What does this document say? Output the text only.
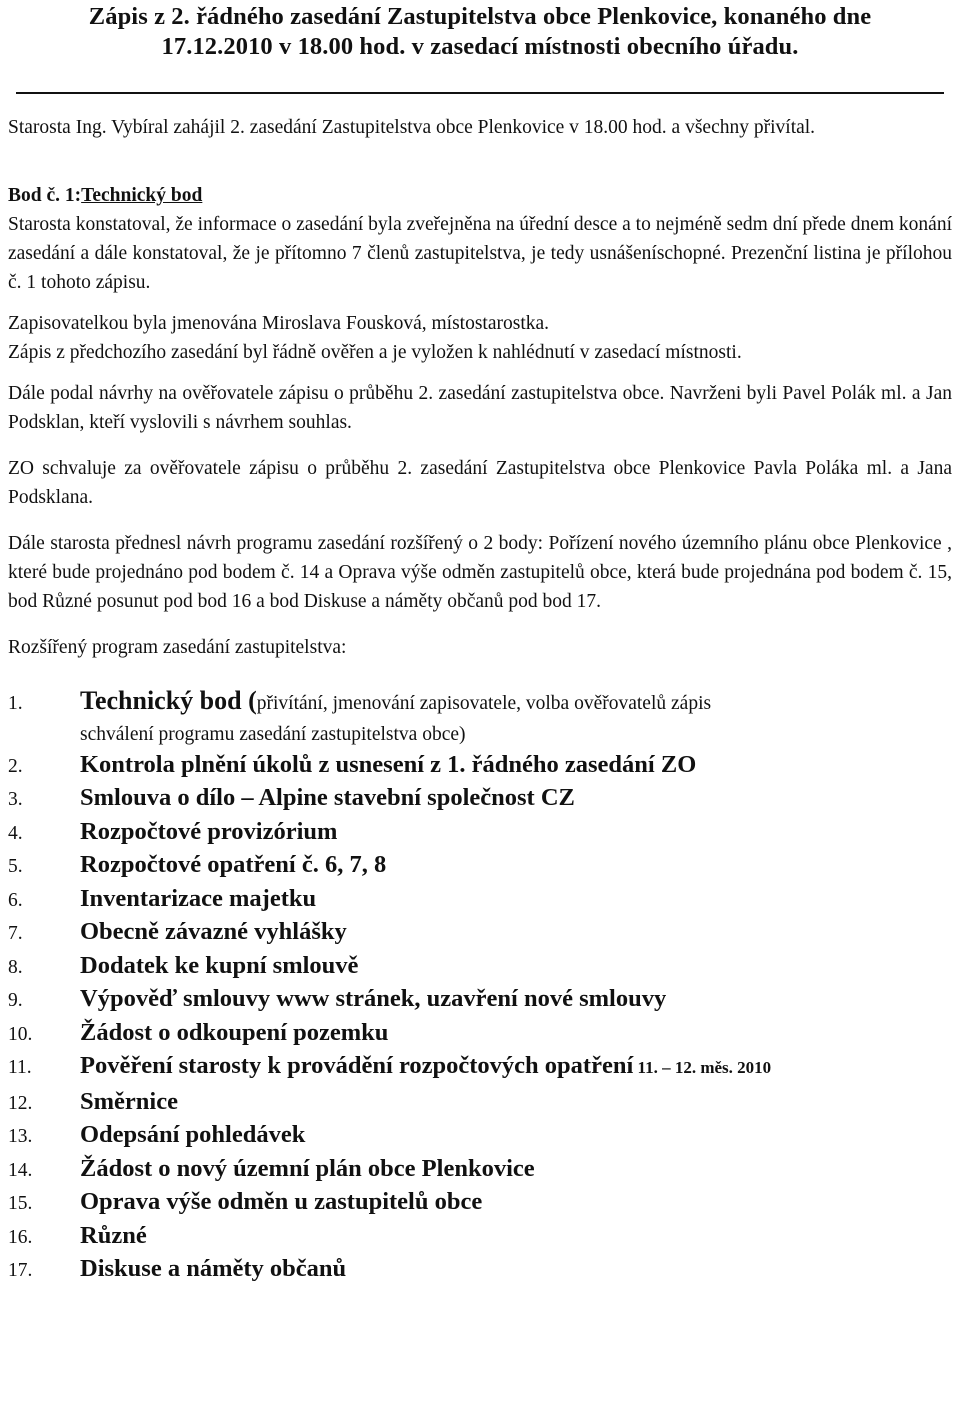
Zápis z 2. řádného zasedání Zastupitelstva obce Plenkovice, konaného dne
17.12.2010 v 18.00 hod. v zasedací místnosti obecního úřadu.

Starosta Ing. Vybíral zahájil 2. zasedání Zastupitelstva obce Plenkovice v 18.00 hod. a všechny přivítal.

Bod č. 1:Technický bod

Starosta konstatoval, že informace o zasedání byla zveřejněna na úřední desce a to nejméně sedm dní přede dnem konání zasedání a dále konstatoval, že je přítomno 7 členů zastupitelstva, je tedy usnášeníschopné. Prezenční listina je přílohou č. 1 tohoto zápisu.

Zapisovatelkou byla jmenována Miroslava Fousková, místostarostka.

Zápis z předchozího zasedání byl řádně ověřen a je vyložen k nahlédnutí v zasedací místnosti.

Dále podal návrhy na ověřovatele zápisu o průběhu 2. zasedání zastupitelstva obce. Navrženi byli Pavel Polák ml. a Jan Podsklan, kteří vyslovili s návrhem souhlas.

ZO schvaluje za ověřovatele zápisu o průběhu 2. zasedání Zastupitelstva obce Plenkovice Pavla Poláka ml. a Jana Podsklana.

Dále starosta přednesl návrh programu zasedání rozšířený o 2 body: Pořízení nového územního plánu obce Plenkovice , které bude projednáno pod bodem č. 14 a Oprava výše odměn zastupitelů obce, která bude projednána pod bodem č. 15, bod Různé posunut pod bod 16 a bod Diskuse a náměty občanů pod bod 17.

Rozšířený program zasedání zastupitelstva:

1.	Technický bod (přivítání, jmenování zapisovatele, volba ověřovatelů zápis
schválení programu zasedání zastupitelstva obce)
2.	Kontrola plnění úkolů z usnesení z 1. řádného zasedání ZO
3.	Smlouva o dílo – Alpine stavební společnost CZ
4.	Rozpočtové provizórium
5.	Rozpočtové opatření č. 6, 7, 8
6.	Inventarizace majetku
7.	Obecně závazné vyhlášky
8.	Dodatek ke kupní smlouvě
9.	Výpověď smlouvy www stránek, uzavření nové smlouvy
10.	Žádost o odkoupení pozemku
11.	Pověření starosty k provádění rozpočtových opatření 11. – 12. měs. 2010
12.	Směrnice
13.	Odepsání pohledávek
14.	Žádost o nový územní plán obce Plenkovice
15.	Oprava výše odměn u zastupitelů obce
16.	Různé
17.	Diskuse a náměty občanů
